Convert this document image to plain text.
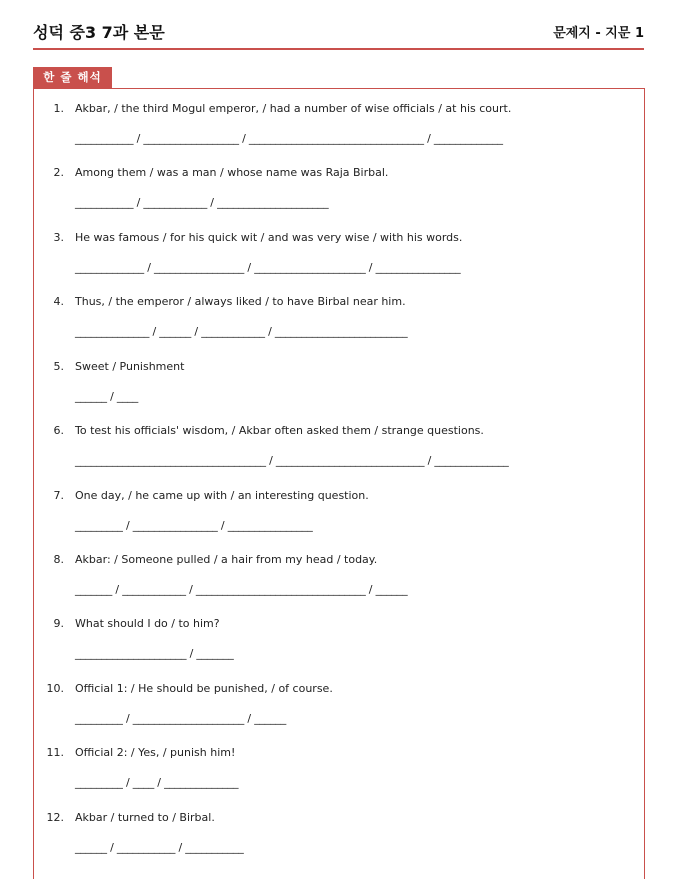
성덕 중3 7과 본문	문제지 - 지문 1
한 줄 해석
1. Akbar, / the third Mogul emperor, / had a number of wise officials / at his court.
___________ / __________________ / _________________________________ / _____________
2. Among them / was a man / whose name was Raja Birbal.
___________ / ____________ / _____________________
3. He was famous / for his quick wit / and was very wise / with his words.
_____________ / _________________ / _____________________ / ________________
4. Thus, / the emperor / always liked / to have Birbal near him.
______________ / ______ / ____________ / _________________________
5. Sweet / Punishment
______ / ____
6. To test his officials' wisdom, / Akbar often asked them / strange questions.
____________________________________ / ____________________________ / ______________
7. One day, / he came up with / an interesting question.
_________ / ________________ / ________________
8. Akbar: / Someone pulled / a hair from my head / today.
_______ / ____________ / ________________________________ / ______
9. What should I do / to him?
_____________________ / _______
10. Official 1: / He should be punished, / of course.
_________ / _____________________ / ______
11. Official 2: / Yes, / punish him!
_________ / ____ / ______________
12. Akbar / turned to / Birbal.
______ / ___________ / ___________
